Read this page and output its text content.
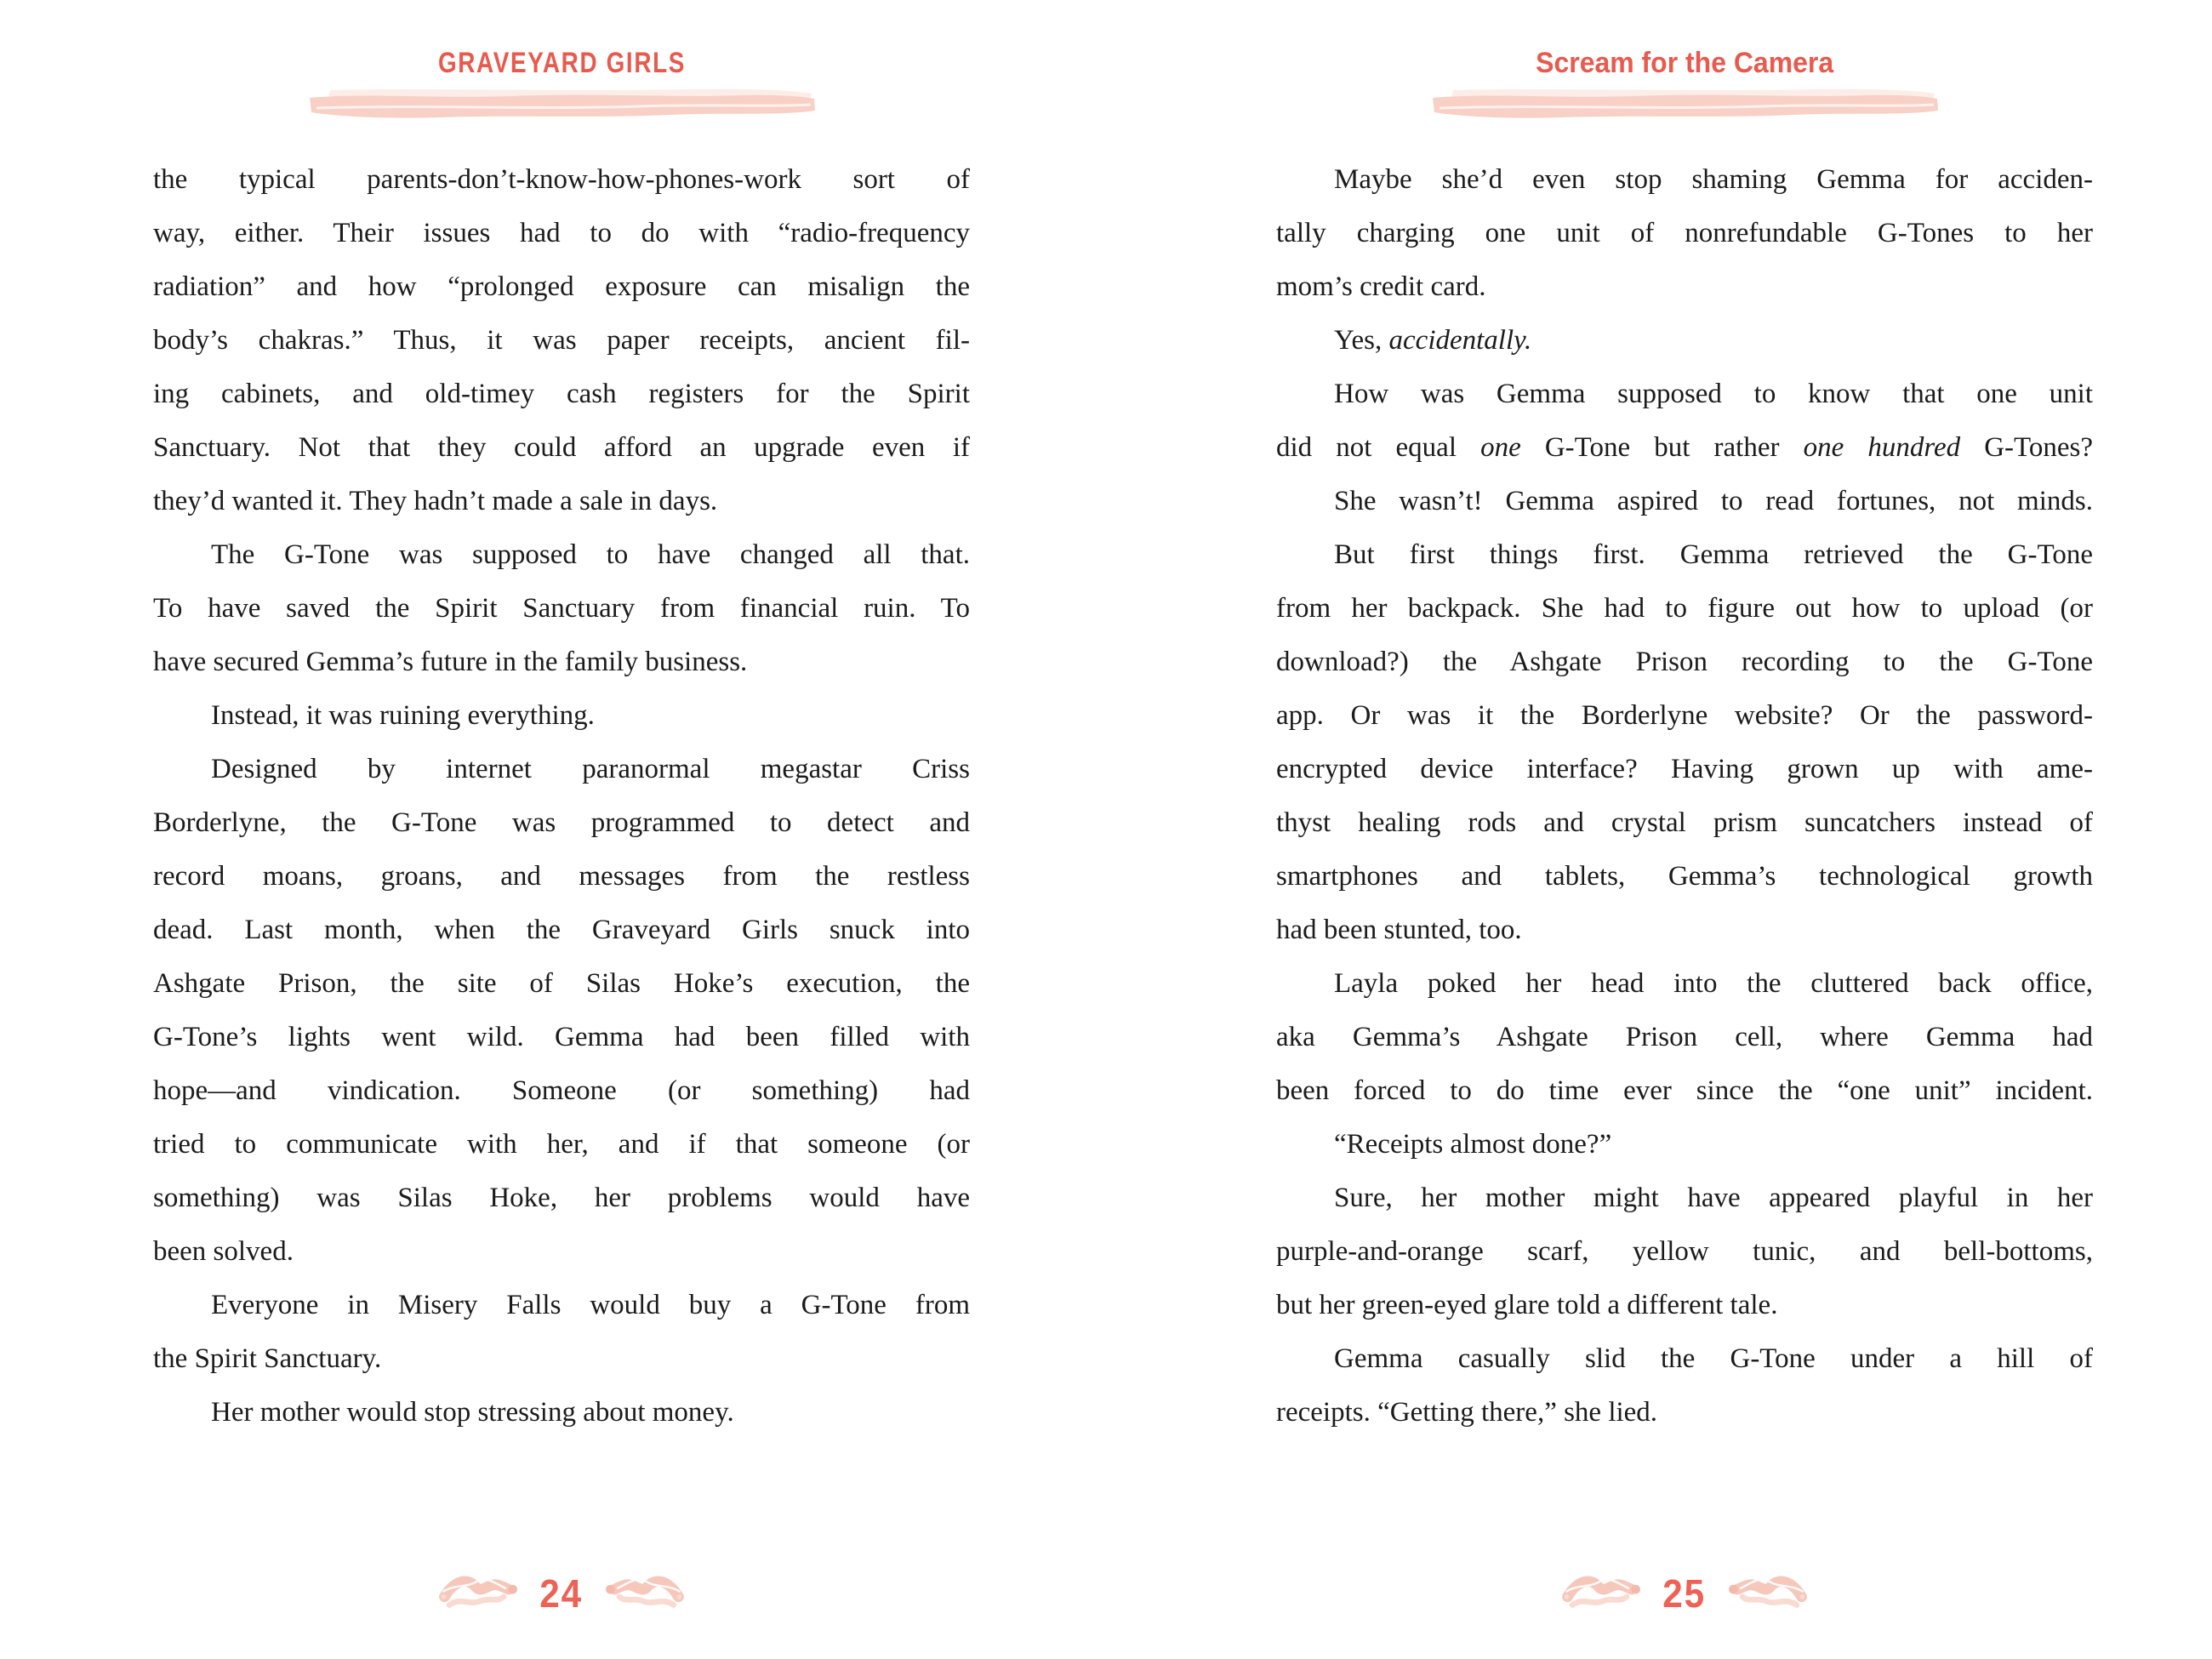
GRAVEYARD GIRLS
the typical parents-don’t-know-how-phones-work sort of
way, either. Their issues had to do with “radio-frequency
radiation” and how “prolonged exposure can misalign the
body’s chakras.” Thus, it was paper receipts, ancient fil-
ing cabinets, and old-timey cash registers for the Spirit
Sanctuary. Not that they could afford an upgrade even if
they’d wanted it. They hadn’t made a sale in days.
The G-Tone was supposed to have changed all that.
To have saved the Spirit Sanctuary from financial ruin. To
have secured Gemma’s future in the family business.
Instead, it was ruining everything.
Designed by internet paranormal megastar Criss
Borderlyne, the G-Tone was programmed to detect and
record moans, groans, and messages from the restless
dead. Last month, when the Graveyard Girls snuck into
Ashgate Prison, the site of Silas Hoke’s execution, the
G-Tone’s lights went wild. Gemma had been filled with
hope—and vindication. Someone (or something) had
tried to communicate with her, and if that someone (or
something) was Silas Hoke, her problems would have
been solved.
Everyone in Misery Falls would buy a G-Tone from
the Spirit Sanctuary.
Her mother would stop stressing about money.
24
Scream for the Camera
Maybe she’d even stop shaming Gemma for acciden-
tally charging one unit of nonrefundable G-Tones to her
mom’s credit card.
Yes, accidentally.
How was Gemma supposed to know that one unit
did not equal one G-Tone but rather one hundred G-Tones?
She wasn’t! Gemma aspired to read fortunes, not minds.
But first things first. Gemma retrieved the G-Tone
from her backpack. She had to figure out how to upload (or
download?) the Ashgate Prison recording to the G-Tone
app. Or was it the Borderlyne website? Or the password-
encrypted device interface? Having grown up with ame-
thyst healing rods and crystal prism suncatchers instead of
smartphones and tablets, Gemma’s technological growth
had been stunted, too.
Layla poked her head into the cluttered back office,
aka Gemma’s Ashgate Prison cell, where Gemma had
been forced to do time ever since the “one unit” incident.
“Receipts almost done?”
Sure, her mother might have appeared playful in her
purple-and-orange scarf, yellow tunic, and bell-bottoms,
but her green-eyed glare told a different tale.
Gemma casually slid the G-Tone under a hill of
receipts. “Getting there,” she lied.
25
